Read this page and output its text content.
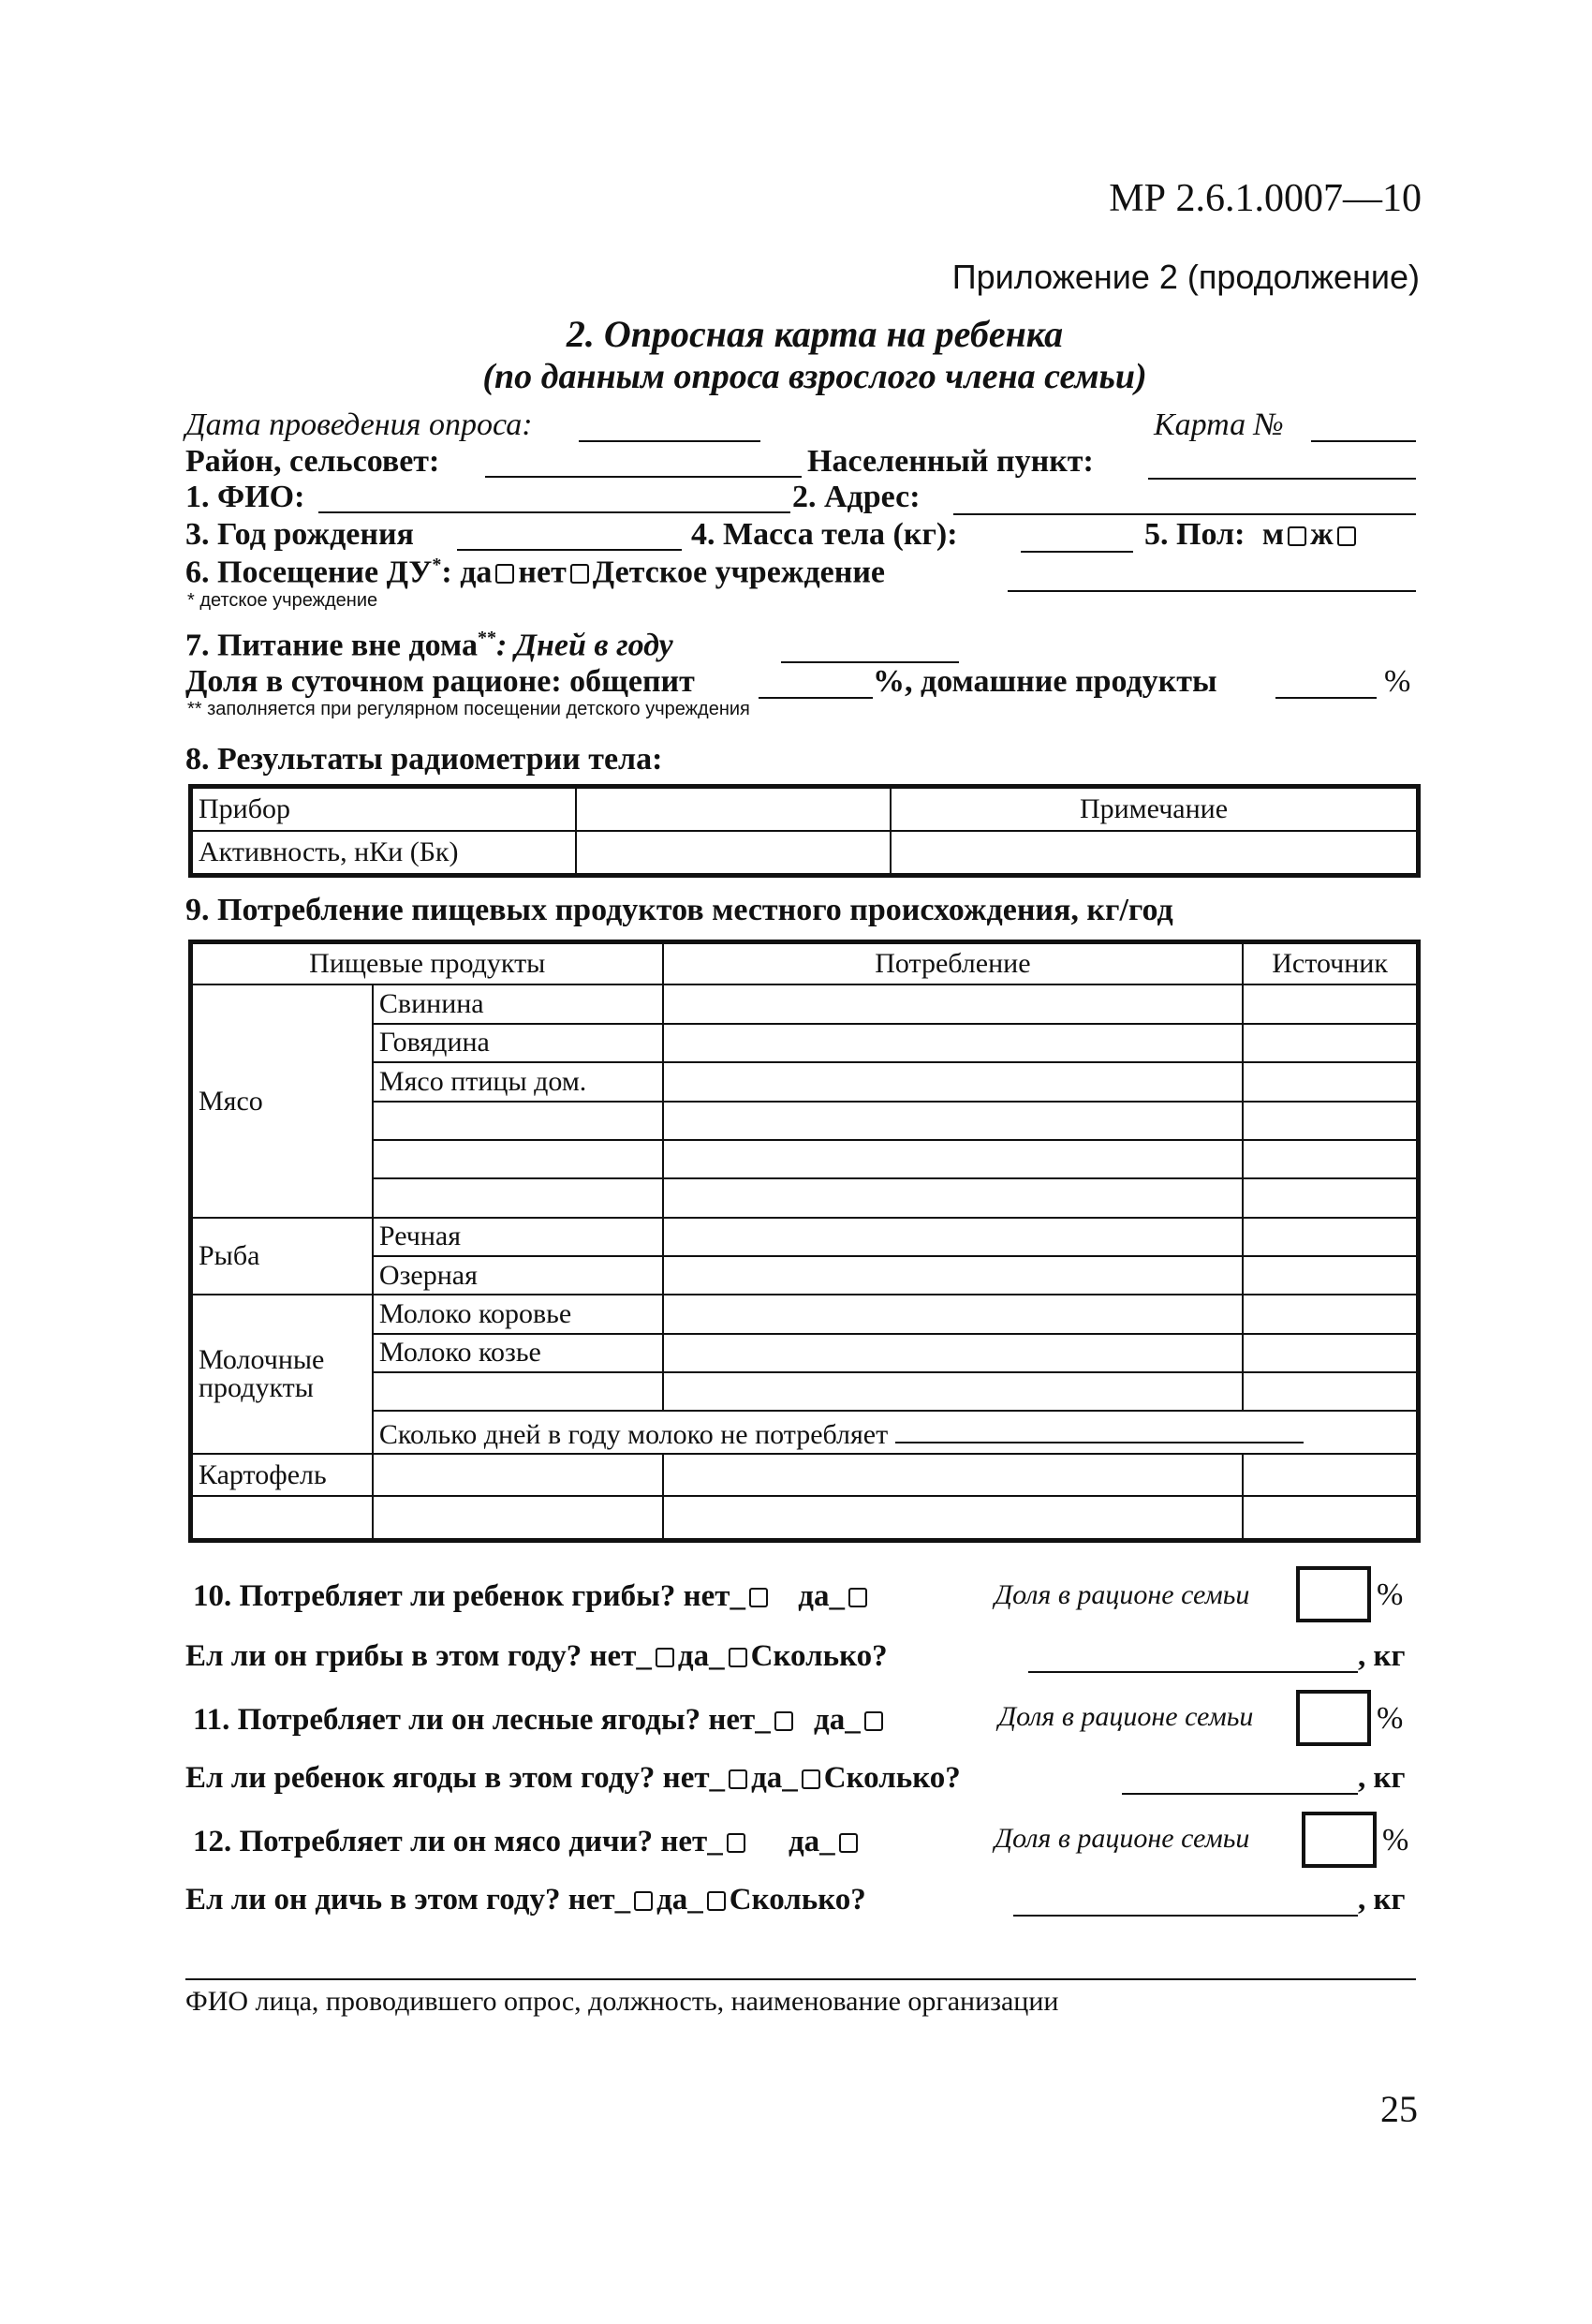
МР 2.6.1.0007—10
Приложение 2 (продолжение)
2. Опросная карта на ребенка
(по данным опроса взрослого члена семьи)
Дата проведения опроса:	Карта №
Район, сельсовет:	Населенный пункт:
1. ФИО:	2. Адрес:
3. Год рождения	4. Масса тела (кг):	5. Пол: м ж
6. Посещение ДУ*: да нет Детское учреждение
* детское учреждение
7. Питание вне дома**: Дней в году
Доля в суточном рационе: общепит	%, домашние продукты	%
** заполняется при регулярном посещении детского учреждения
8. Результаты радиометрии тела:
Прибор		Примечание
Активность, нКи (Бк)		
9. Потребление пищевых продуктов местного происхождения, кг/год
Пищевые продукты		Потребление	Источник
Мясо	Свинина		
	Говядина		
	Мясо птицы дом.		

Рыба	Речная		
	Озерная		
Молочные продукты	Молоко коровье		
	Молоко козье		

	Сколько дней в году молоко не потребляет		
Картофель			

10. Потребляет ли ребенок грибы? нет_ да_	Доля в рационе семьи	%
Ел ли он грибы в этом году? нет_ да_ Сколько?	, кг
11. Потребляет ли он лесные ягоды? нет_ да_	Доля в рационе семьи	%
Ел ли ребенок ягоды в этом году? нет_ да_ Сколько?	, кг
12. Потребляет ли он мясо дичи? нет_ да_	Доля в рационе семьи	%
Ел ли он дичь в этом году? нет_ да_ Сколько?	, кг
ФИО лица, проводившего опрос, должность, наименование организации
25
